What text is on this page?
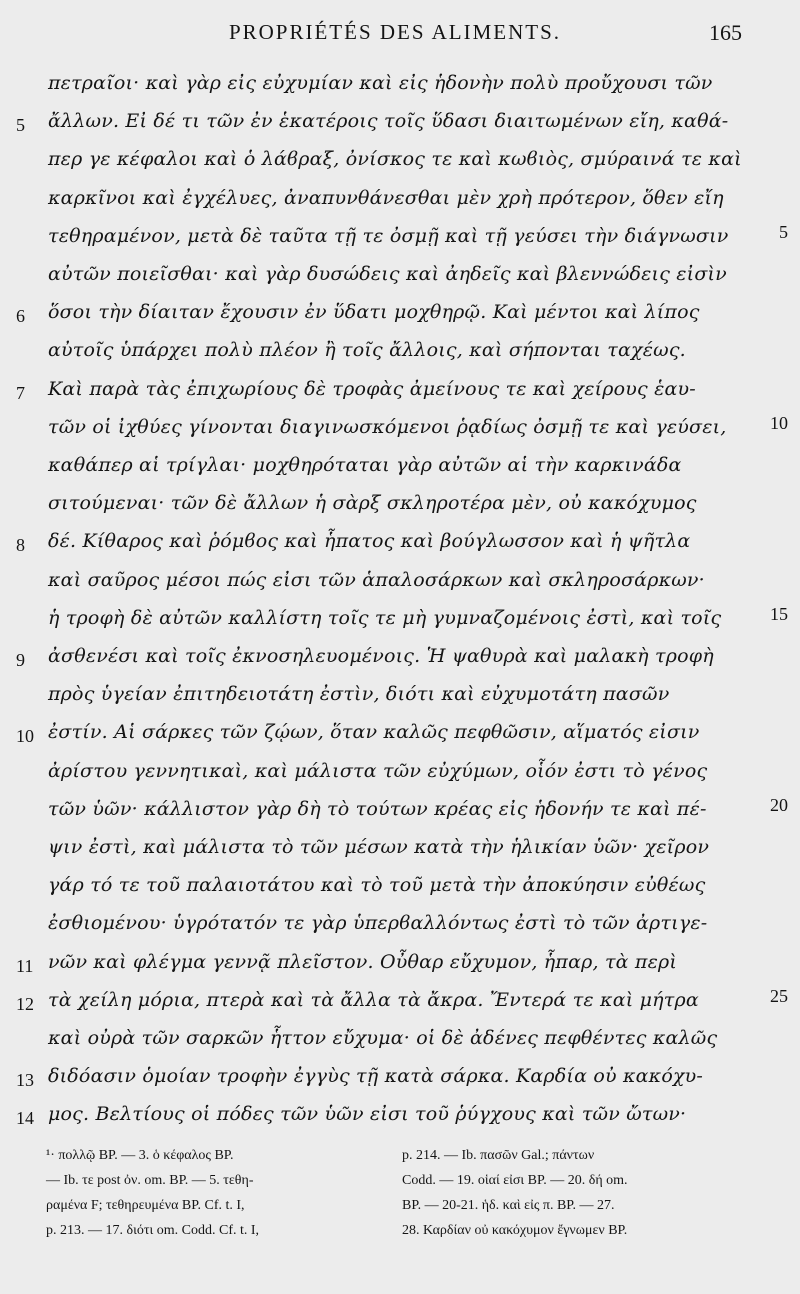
PROPRIÉTÉS DES ALIMENTS.	165
πετραῖοι· καὶ γὰρ εἰς εὐχυμίαν καὶ εἰς ἡδονὴν πολὺ προὔχουσι τῶν
5 ἄλλων. Εἰ δέ τι τῶν ἐν ἑκατέροις τοῖς ὕδασι διαιτωμένων εἴη, καθά-
περ γε κέφαλοι καὶ ὁ λάϐραξ, ὀνίσκος τε καὶ κωϐιὸς, σμύραινά τε καὶ
καρκῖνοι καὶ ἐγχέλυες, ἀναπυνθάνεσθαι μὲν χρὴ πρότερον, ὅθεν εἴη
τεθηραμένον, μετὰ δὲ ταῦτα τῇ τε ὀσμῇ καὶ τῇ γεύσει τὴν διάγνωσιν	5
αὐτῶν ποιεῖσθαι· καὶ γὰρ δυσώδεις καὶ ἀηδεῖς καὶ βλεννώδεις εἰσὶν
6 ὅσοι τὴν δίαιταν ἔχουσιν ἐν ὕδατι μοχθηρῷ. Καὶ μέντοι καὶ λίπος
αὐτοῖς ὑπάρχει πολὺ πλέον ἢ τοῖς ἄλλοις, καὶ σήπονται ταχέως.
7 Καὶ παρὰ τὰς ἐπιχωρίους δὲ τροφὰς ἀμείνους τε καὶ χείρους ἑαυ-
τῶν οἱ ἰχθύες γίνονται διαγινωσκόμενοι ῥᾳδίως ὀσμῇ τε καὶ γεύσει,	10
καθάπερ αἱ τρίγλαι· μοχθηρόταται γὰρ αὐτῶν αἱ τὴν καρκινάδα
σιτούμεναι· τῶν δὲ ἄλλων ἡ σὰρξ σκληροτέρα μὲν, οὐ κακόχυμος
8 δέ. Κίθαρος καὶ ῥόμϐος καὶ ἧπατος καὶ βούγλωσσον καὶ ἡ ψῆτλα
καὶ σαῦρος μέσοι πώς εἰσι τῶν ἁπαλοσάρκων καὶ σκληροσάρκων·
ἡ τροφὴ δὲ αὐτῶν καλλίστη τοῖς τε μὴ γυμναζομένοις ἐστὶ, καὶ τοῖς	15
9 ἀσθενέσι καὶ τοῖς ἐκνοσηλευομένοις. Ἡ ψαθυρὰ καὶ μαλακὴ τροφὴ
πρὸς ὑγείαν ἐπιτηδειοτάτη ἐστὶν, διότι καὶ εὐχυμοτάτη πασῶν
10 ἐστίν. Αἱ σάρκες τῶν ζῴων, ὅταν καλῶς πεφθῶσιν, αἵματός εἰσιν
ἀρίστου γεννητικαὶ, καὶ μάλιστα τῶν εὐχύμων, οἷόν ἐστι τὸ γένος
τῶν ὑῶν· κάλλιστον γὰρ δὴ τὸ τούτων κρέας εἰς ἡδονήν τε καὶ πέ-	20
ψιν ἐστὶ, καὶ μάλιστα τὸ τῶν μέσων κατὰ τὴν ἡλικίαν ὑῶν· χεῖρον
γάρ τό τε τοῦ παλαιοτάτου καὶ τὸ τοῦ μετὰ τὴν ἀποκύησιν εὐθέως
ἐσθιομένου· ὑγρότατόν τε γὰρ ὑπερϐαλλόντως ἐστὶ τὸ τῶν ἀρτιγε-
11 νῶν καὶ φλέγμα γεννᾷ πλεῖστον. Οὖθαρ εὔχυμον, ἧπαρ, τὰ περὶ
12 τὰ χείλη μόρια, πτερὰ καὶ τὰ ἄλλα τὰ ἄκρα. Ἔντερά τε καὶ μήτρα	25
καὶ οὐρὰ τῶν σαρκῶν ἧττον εὔχυμα· οἱ δὲ ἀδένες πεφθέντες καλῶς
13 διδόασιν ὁμοίαν τροφὴν ἐγγὺς τῇ κατὰ σάρκα. Καρδία οὐ κακόχυ-
14 μος. Βελτίους οἱ πόδες τῶν ὑῶν εἰσι τοῦ ῥύγχους καὶ τῶν ὤτων·
¹· πολλῷ BP. — 3. ὁ κέφαλος BP.	p. 214. — Ib. πασῶν Gal.; πάντων
— Ib. τε post ὀν. om. BP. — 5. τεθη-	Codd. — 19. οἱαί εἰσι BP. — 20. δή om.
ραμένα F; τεθηρευμένα BP. Cf. t. I,	BP. — 20-21. ἡδ. καὶ εἰς π. BP. — 27.
p. 213. — 17. διότι om. Codd. Cf. t. I,	28. Καρδίαν οὐ κακόχυμον ἔγνωμεν BP.
